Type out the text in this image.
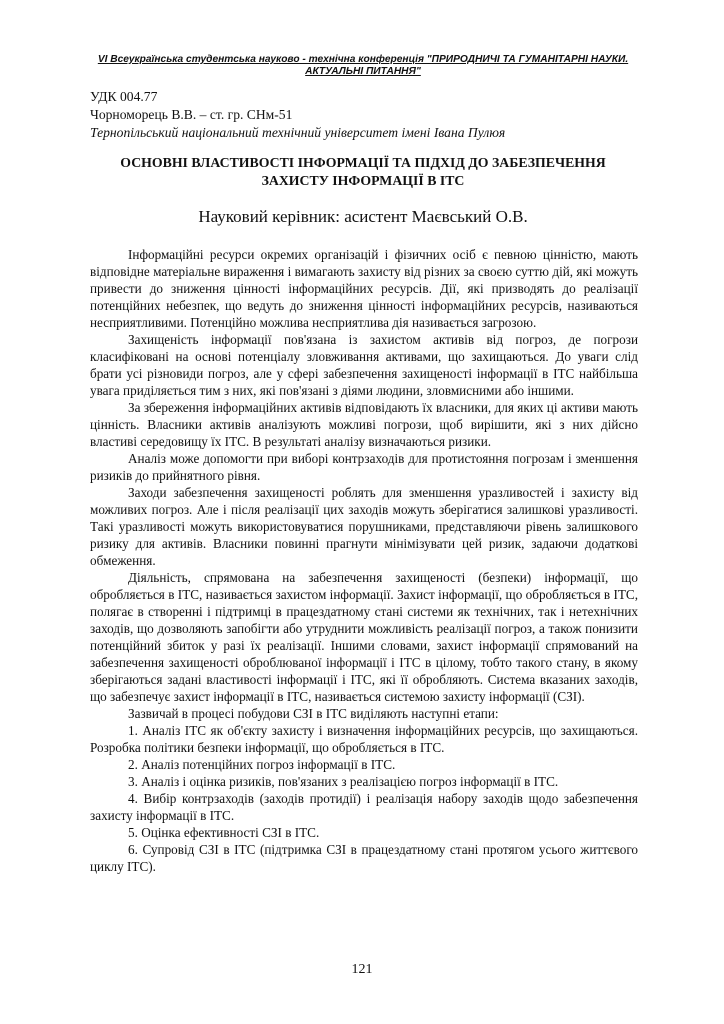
VI Всеукраїнська студентська науково - технічна конференція "ПРИРОДНИЧІ ТА ГУМАНІТАРНІ НАУКИ. АКТУАЛЬНІ ПИТАННЯ"
УДК 004.77
Чорноморець В.В. – ст. гр. СНм-51
Тернопільський національний технічний університет імені Івана Пулюя
ОСНОВНІ ВЛАСТИВОСТІ ІНФОРМАЦІЇ ТА ПІДХІД ДО ЗАБЕЗПЕЧЕННЯ ЗАХИСТУ ІНФОРМАЦІЇ В ІТС
Науковий керівник: асистент Маєвський О.В.

Інформаційні ресурси окремих організацій і фізичних осіб є певною цінністю, мають відповідне матеріальне вираження і вимагають захисту від різних за своєю суттю дій, які можуть привести до зниження цінності інформаційних ресурсів. Дії, які призводять до реалізації потенційних небезпек, що ведуть до зниження цінності інформаційних ресурсів, називаються несприятливими. Потенційно можлива несприятлива дія називається загрозою.

Захищеність інформації пов'язана із захистом активів від погроз, де погрози класифіковані на основі потенціалу зловживання активами, що захищаються. До уваги слід брати усі різновиди погроз, але у сфері забезпечення захищеності інформації в ІТС найбільша увага приділяється тим з них, які пов'язані з діями людини, зловмисними або іншими.

За збереження інформаційних активів відповідають їх власники, для яких ці активи мають цінність. Власники активів аналізують можливі погрози, щоб вирішити, які з них дійсно властиві середовищу їх ІТС. В результаті аналізу визначаються ризики.

Аналіз може допомогти при виборі контрзаходів для протистояння погрозам і зменшення ризиків до прийнятного рівня.

Заходи забезпечення захищеності роблять для зменшення уразливостей і захисту від можливих погроз. Але і після реалізації цих заходів можуть зберігатися залишкові уразливості. Такі уразливості можуть використовуватися порушниками, представляючи рівень залишкового ризику для активів. Власники повинні прагнути мінімізувати цей ризик, задаючи додаткові обмеження.

Діяльність, спрямована на забезпечення захищеності (безпеки) інформації, що обробляється в ІТС, називається захистом інформації. Захист інформації, що обробляється в ІТС, полягає в створенні і підтримці в працездатному стані системи як технічних, так і нетехнічних заходів, що дозволяють запобігти або утруднити можливість реалізації погроз, а також понизити потенційний збиток у разі їх реалізації. Іншими словами, захист інформації спрямований на забезпечення захищеності оброблюваної інформації і ІТС в цілому, тобто такого стану, в якому зберігаються задані властивості інформації і ІТС, які її обробляють. Система вказаних заходів, що забезпечує захист інформації в ІТС, називається системою захисту інформації (СЗІ).

Зазвичай в процесі побудови СЗІ в ІТС виділяють наступні етапи:

1. Аналіз ІТС як об'єкту захисту і визначення інформаційних ресурсів, що захищаються. Розробка політики безпеки інформації, що обробляється в ІТС.

2. Аналіз потенційних погроз інформації в ІТС.

3. Аналіз і оцінка ризиків, пов'язаних з реалізацією погроз інформації в ІТС.

4. Вибір контрзаходів (заходів протидії) і реалізація набору заходів щодо забезпечення захисту інформації в ІТС.

5. Оцінка ефективності СЗІ в ІТС.

6. Супровід СЗІ в ІТС (підтримка СЗІ в працездатному стані протягом усього життєвого циклу ІТС).

121
